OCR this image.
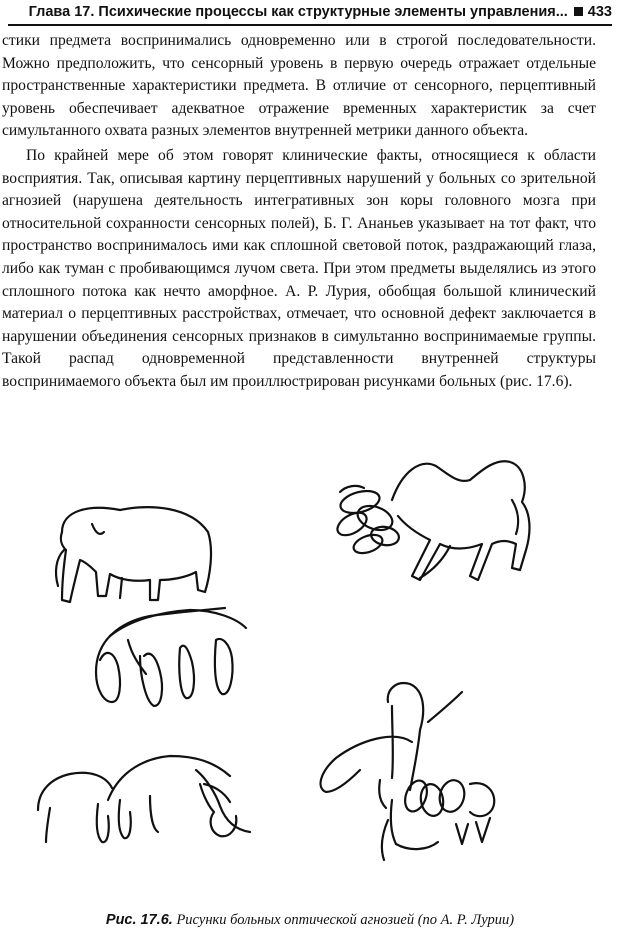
Глава 17. Психические процессы как структурные элементы управления... 433

стики предмета воспринимались одновременно или в строгой последовательности. Можно предположить, что сенсорный уровень в первую очередь отражает отдельные пространственные характеристики предмета. В отличие от сенсорного, перцептивный уровень обеспечивает адекватное отражение временных характеристик за счет симультанного охвата разных элементов внутренней метрики данного объекта.

По крайней мере об этом говорят клинические факты, относящиеся к области восприятия. Так, описывая картину перцептивных нарушений у больных со зрительной агнозией (нарушена деятельность интегративных зон коры головного мозга при относительной сохранности сенсорных полей), Б. Г. Ананьев указывает на тот факт, что пространство воспринималось ими как сплошной световой поток, раздражающий глаза, либо как туман с пробивающимся лучом света. При этом предметы выделялись из этого сплошного потока как нечто аморфное. А. Р. Лурия, обобщая большой клинический материал о перцептивных расстройствах, отмечает, что основной дефект заключается в нарушении объединения сенсорных признаков в симультанно воспринимаемые группы. Такой распад одновременной представленности внутренней структуры воспринимаемого объекта был им проиллюстрирован рисунками больных (рис. 17.6).

Рис. 17.6. Рисунки больных оптической агнозией (по А. Р. Лурии)
